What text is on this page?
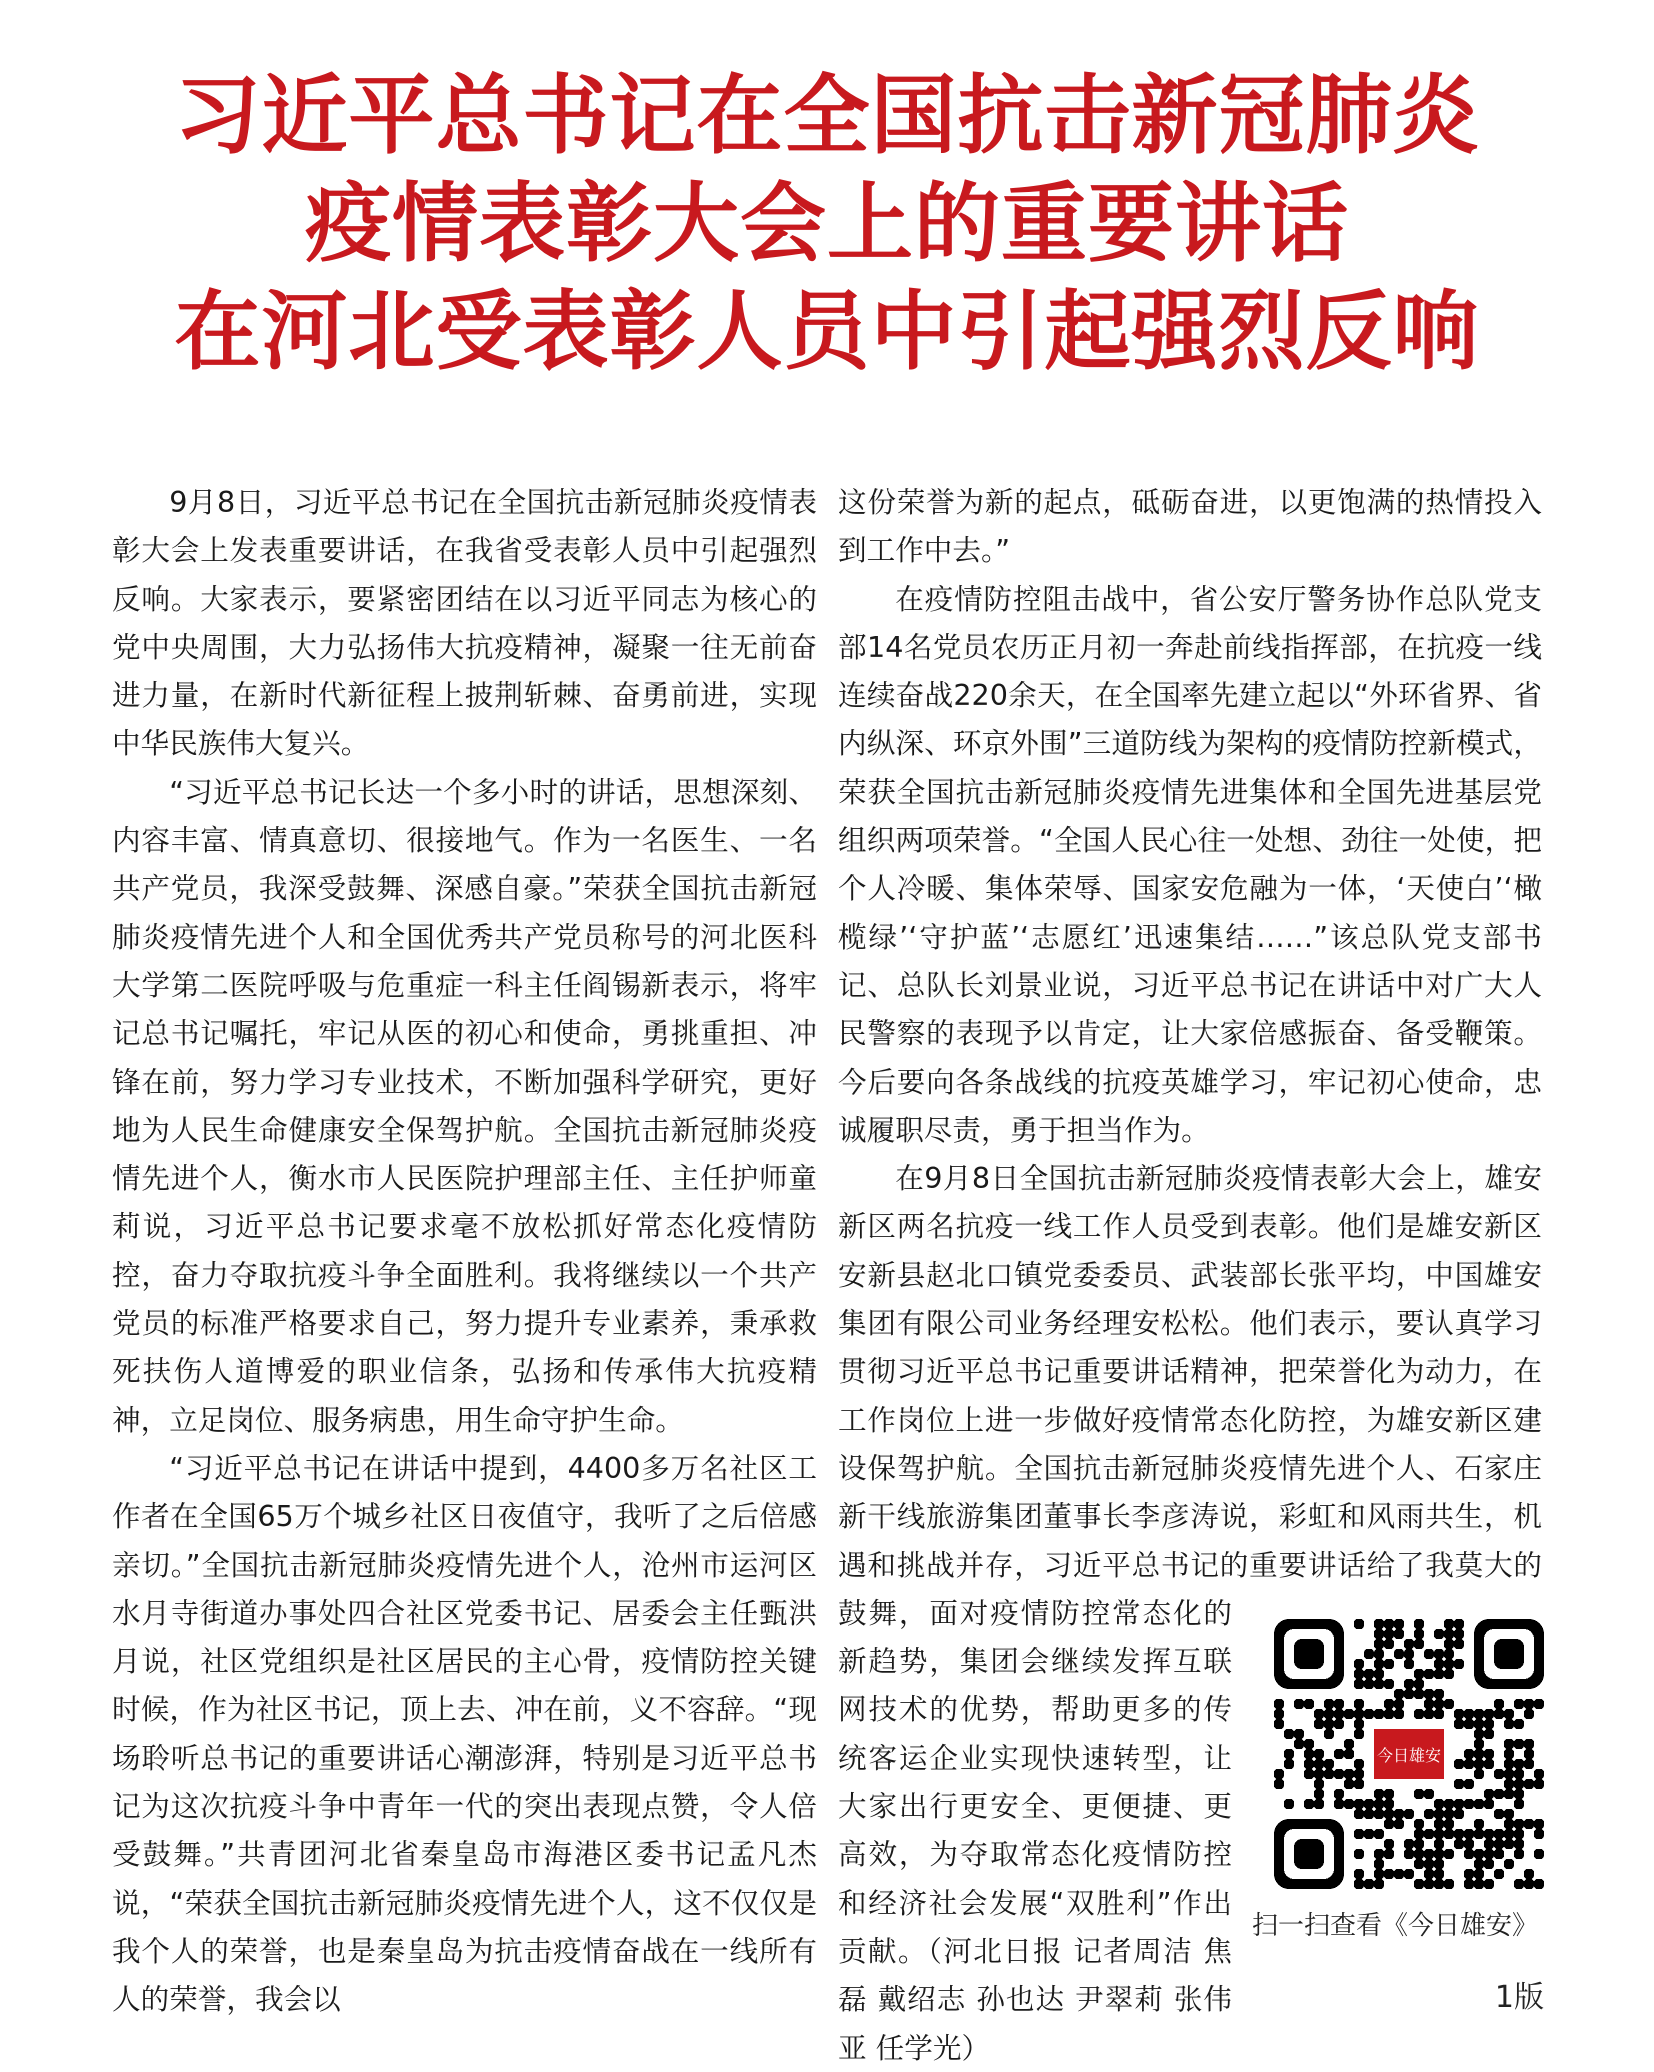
习近平总书记在全国抗击新冠肺炎
疫情表彰大会上的重要讲话
在河北受表彰人员中引起强烈反响

9月8日，习近平总书记在全国抗击新冠肺炎疫情表彰大会上发表重要讲话，在我省受表彰人员中引起强烈反响。大家表示，要紧密团结在以习近平同志为核心的党中央周围，大力弘扬伟大抗疫精神，凝聚一往无前奋进力量，在新时代新征程上披荆斩棘、奋勇前进，实现中华民族伟大复兴。

“习近平总书记长达一个多小时的讲话，思想深刻、内容丰富、情真意切、很接地气。作为一名医生、一名共产党员，我深受鼓舞、深感自豪。”荣获全国抗击新冠肺炎疫情先进个人和全国优秀共产党员称号的河北医科大学第二医院呼吸与危重症一科主任阎锡新表示，将牢记总书记嘱托，牢记从医的初心和使命，勇挑重担、冲锋在前，努力学习专业技术，不断加强科学研究，更好地为人民生命健康安全保驾护航。全国抗击新冠肺炎疫情先进个人，衡水市人民医院护理部主任、主任护师童莉说，习近平总书记要求毫不放松抓好常态化疫情防控，奋力夺取抗疫斗争全面胜利。我将继续以一个共产党员的标准严格要求自己，努力提升专业素养，秉承救死扶伤人道博爱的职业信条，弘扬和传承伟大抗疫精神，立足岗位、服务病患，用生命守护生命。

“习近平总书记在讲话中提到，4400多万名社区工作者在全国65万个城乡社区日夜值守，我听了之后倍感亲切。”全国抗击新冠肺炎疫情先进个人，沧州市运河区水月寺街道办事处四合社区党委书记、居委会主任甄洪月说，社区党组织是社区居民的主心骨，疫情防控关键时候，作为社区书记，顶上去、冲在前，义不容辞。“现场聆听总书记的重要讲话心潮澎湃，特别是习近平总书记为这次抗疫斗争中青年一代的突出表现点赞，令人倍受鼓舞。”共青团河北省秦皇岛市海港区委书记孟凡杰说，“荣获全国抗击新冠肺炎疫情先进个人，这不仅仅是我个人的荣誉，也是秦皇岛为抗击疫情奋战在一线所有人的荣誉，我会以

这份荣誉为新的起点，砥砺奋进，以更饱满的热情投入到工作中去。”

在疫情防控阻击战中，省公安厅警务协作总队党支部14名党员农历正月初一奔赴前线指挥部，在抗疫一线连续奋战220余天，在全国率先建立起以“外环省界、省内纵深、环京外围”三道防线为架构的疫情防控新模式，荣获全国抗击新冠肺炎疫情先进集体和全国先进基层党组织两项荣誉。“全国人民心往一处想、劲往一处使，把个人冷暖、集体荣辱、国家安危融为一体，‘天使白’‘橄榄绿’‘守护蓝’‘志愿红’迅速集结……”该总队党支部书记、总队长刘景业说，习近平总书记在讲话中对广大人民警察的表现予以肯定，让大家倍感振奋、备受鞭策。今后要向各条战线的抗疫英雄学习，牢记初心使命，忠诚履职尽责，勇于担当作为。

今日雄安
扫一扫查看《今日雄安》

在9月8日全国抗击新冠肺炎疫情表彰大会上，雄安新区两名抗疫一线工作人员受到表彰。他们是雄安新区安新县赵北口镇党委委员、武装部长张平均，中国雄安集团有限公司业务经理安松松。他们表示，要认真学习贯彻习近平总书记重要讲话精神，把荣誉化为动力，在工作岗位上进一步做好疫情常态化防控，为雄安新区建设保驾护航。全国抗击新冠肺炎疫情先进个人、石家庄新干线旅游集团董事长李彦涛说，彩虹和风雨共生，机遇和挑战并存，习近平总书记的重要讲话给了我莫大的鼓舞，面对疫情防控常态化的新趋势，集团会继续发挥互联网技术的优势，帮助更多的传统客运企业实现快速转型，让大家出行更安全、更便捷、更高效，为夺取常态化疫情防控和经济社会发展“双胜利”作出贡献。（河北日报 记者周洁 焦磊 戴绍志 孙也达 尹翠莉 张伟亚 任学光）

1版
